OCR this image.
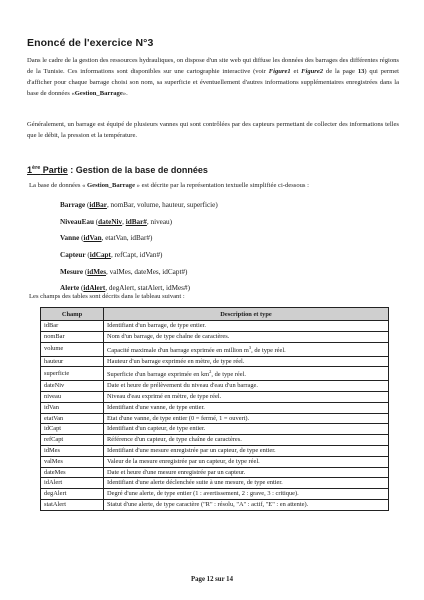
Enoncé de l'exercice N°3
Dans le cadre de la gestion des ressources hydrauliques, on dispose d'un site web qui diffuse les données des barrages des différentes régions de la Tunisie. Ces informations sont disponibles sur une cartographie interactive (voir Figure1 et Figure2 de la page 13) qui permet d'afficher pour chaque barrage choisi son nom, sa superficie et éventuellement d'autres informations supplémentaires enregistrées dans la base de données «Gestion_Barrage».
Généralement, un barrage est équipé de plusieurs vannes qui sont contrôlées par des capteurs permettant de collecter des informations telles que le débit, la pression et la température.
1ère Partie : Gestion de la base de données
La base de données « Gestion_Barrage » est décrite par la représentation textuelle simplifiée ci-dessous :
Barrage (idBar, nomBar, volume, hauteur, superficie)
NiveauEau (dateNiv, idBar#, niveau)
Vanne (idVan, etatVan, idBar#)
Capteur (idCapt, refCapt, idVan#)
Mesure (idMes, valMes, dateMes, idCapt#)
Alerte (idAlert, degAlert, statAlert, idMes#)
Les champs des tables sont décrits dans le tableau suivant :
Champ	Description et type
idBar	Identifiant d'un barrage, de type entier.
nomBar	Nom d'un barrage, de type chaîne de caractères.
volume	Capacité maximale d'un barrage exprimée en million $m^3$, de type réel.
hauteur	Hauteur d'un barrage exprimée en mètre, de type réel.
superficie	Superficie d'un barrage exprimée en $km^2$, de type réel.
dateNiv	Date et heure de prélèvement du niveau d'eau d'un barrage.
niveau	Niveau d'eau exprimé en mètre, de type réel.
idVan	Identifiant d'une vanne, de type entier.
etatVan	Etat d'une vanne, de type entier (0 = fermé, 1 = ouvert).
idCapt	Identifiant d'un capteur, de type entier.
refCapt	Référence d'un capteur, de type chaîne de caractères.
idMes	Identifiant d'une mesure enregistrée par un capteur, de type entier.
valMes	Valeur de la mesure enregistrée par un capteur, de type réel.
dateMes	Date et heure d'une mesure enregistrée par un capteur.
idAlert	Identifiant d'une alerte déclenchée suite à une mesure, de type entier.
degAlert	Degré d'une alerte, de type entier (1 : avertissement, 2 : grave, 3 : critique).
statAlert	Statut d'une alerte, de type caractère ("R" : résolu, "A" : actif, "E" : en attente).
Page 12 sur 14
